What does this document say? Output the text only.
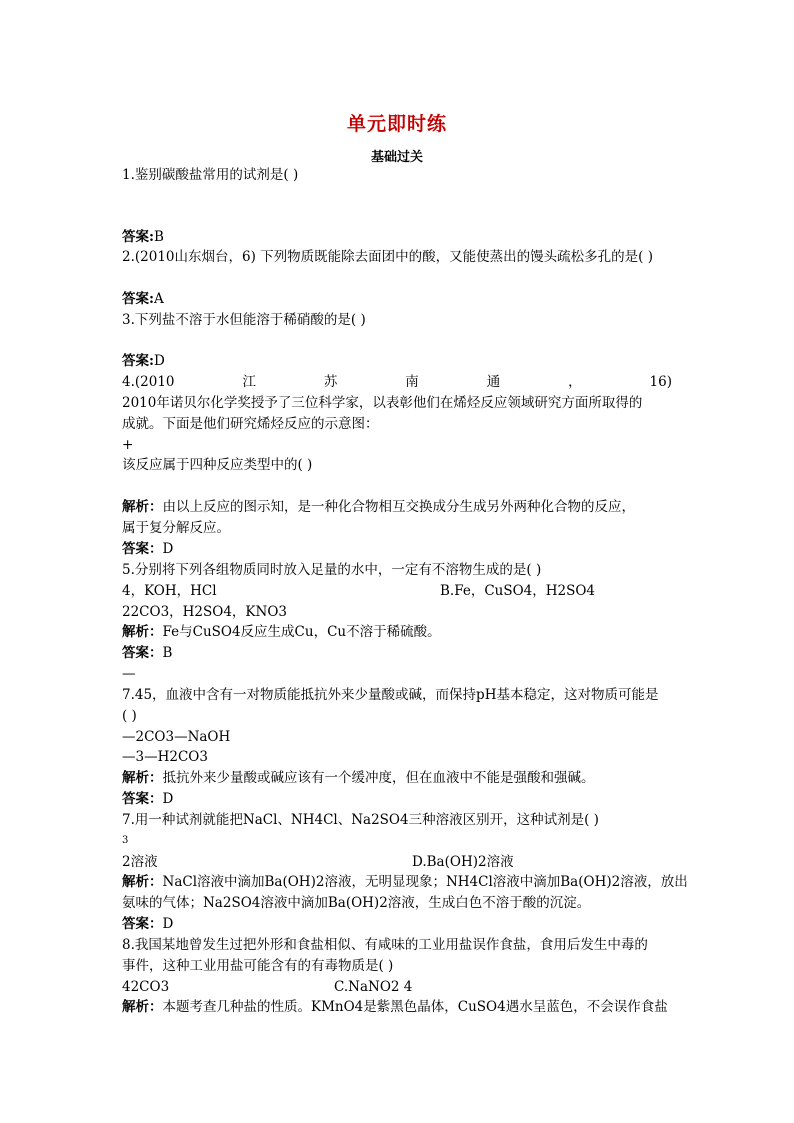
单元即时练
基础过关
1.鉴别碳酸盐常用的试剂是( )
答案:B
2.(2010山东烟台，6) 下列物质既能除去面团中的酸，又能使蒸出的馒头疏松多孔的是( )
答案:A
3.下列盐不溶于水但能溶于稀硝酸的是( )
答案:D
4.(2010	江	苏	南	通	，	16)
2010年诺贝尔化学奖授予了三位科学家，以表彰他们在烯烃反应领域研究方面所取得的
成就。下面是他们研究烯烃反应的示意图：
+
该反应属于四种反应类型中的( )
解析：由以上反应的图示知，是一种化合物相互交换成分生成另外两种化合物的反应，
属于复分解反应。
答案：D
5.分别将下列各组物质同时放入足量的水中，一定有不溶物生成的是( )
4，KOH，HCl	B.Fe，CuSO4，H2SO4
22CO3，H2SO4，KNO3
解析：Fe与CuSO4反应生成Cu，Cu不溶于稀硫酸。
答案：B
—
7.45，血液中含有一对物质能抵抗外来少量酸或碱，而保持pH基本稳定，这对物质可能是
( )
—2CO3—NaOH
—3—H2CO3
解析：抵抗外来少量酸或碱应该有一个缓冲度，但在血液中不能是强酸和强碱。
答案：D
7.用一种试剂就能把NaCl、NH4Cl、Na2SO4三种溶液区别开，这种试剂是( )
3
2溶液	D.Ba(OH)2溶液
解析：NaCl溶液中滴加Ba(OH)2溶液，无明显现象；NH4Cl溶液中滴加Ba(OH)2溶液，放出
氨味的气体；Na2SO4溶液中滴加Ba(OH)2溶液，生成白色不溶于酸的沉淀。
答案：D
8.我国某地曾发生过把外形和食盐相似、有咸味的工业用盐误作食盐，食用后发生中毒的
事件，这种工业用盐可能含有的有毒物质是( )
42CO3	C.NaNO2 4
解析：本题考查几种盐的性质。KMnO4是紫黑色晶体，CuSO4遇水呈蓝色，不会误作食盐
